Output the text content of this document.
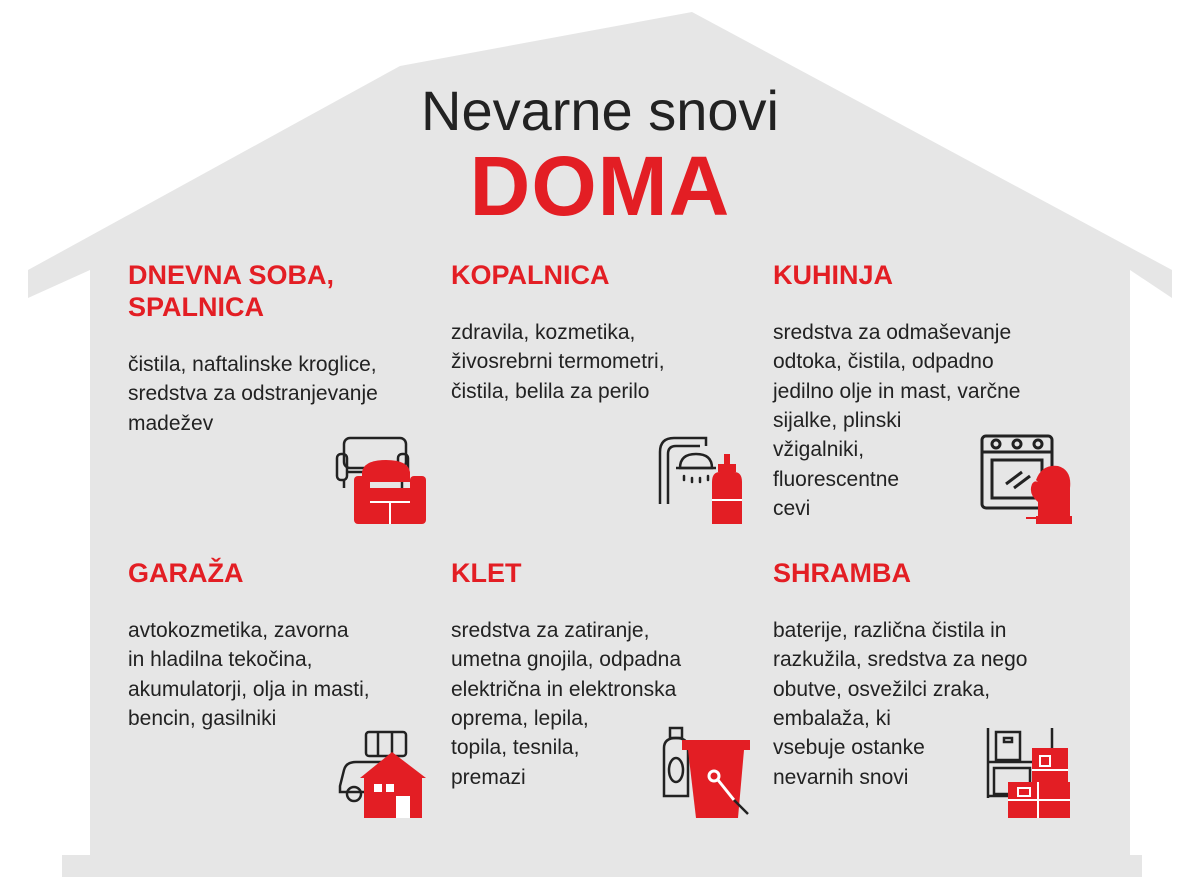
Nevarne snovi
DOMA
DNEVNA SOBA,
SPALNICA

čistila, naftalinske kroglice,
sredstva za odstranjevanje
madežev

KOPALNICA

zdravila, kozmetika,
živosrebrni termometri,
čistila, belila za perilo

KUHINJA

sredstva za odmaševanje
odtoka, čistila, odpadno
jedilno olje in mast, varčne
sijalke, plinski
vžigalniki,
fluorescentne
cevi

GARAŽA

avtokozmetika, zavorna
in hladilna tekočina,
akumulatorji, olja in masti,
bencin, gasilniki

KLET

sredstva za zatiranje,
umetna gnojila, odpadna
električna in elektronska
oprema, lepila,
topila, tesnila,
premazi

SHRAMBA

baterije, različna čistila in
razkužila, sredstva za nego
obutve, osvežilci zraka,
embalaža, ki
vsebuje ostanke
nevarnih snovi
